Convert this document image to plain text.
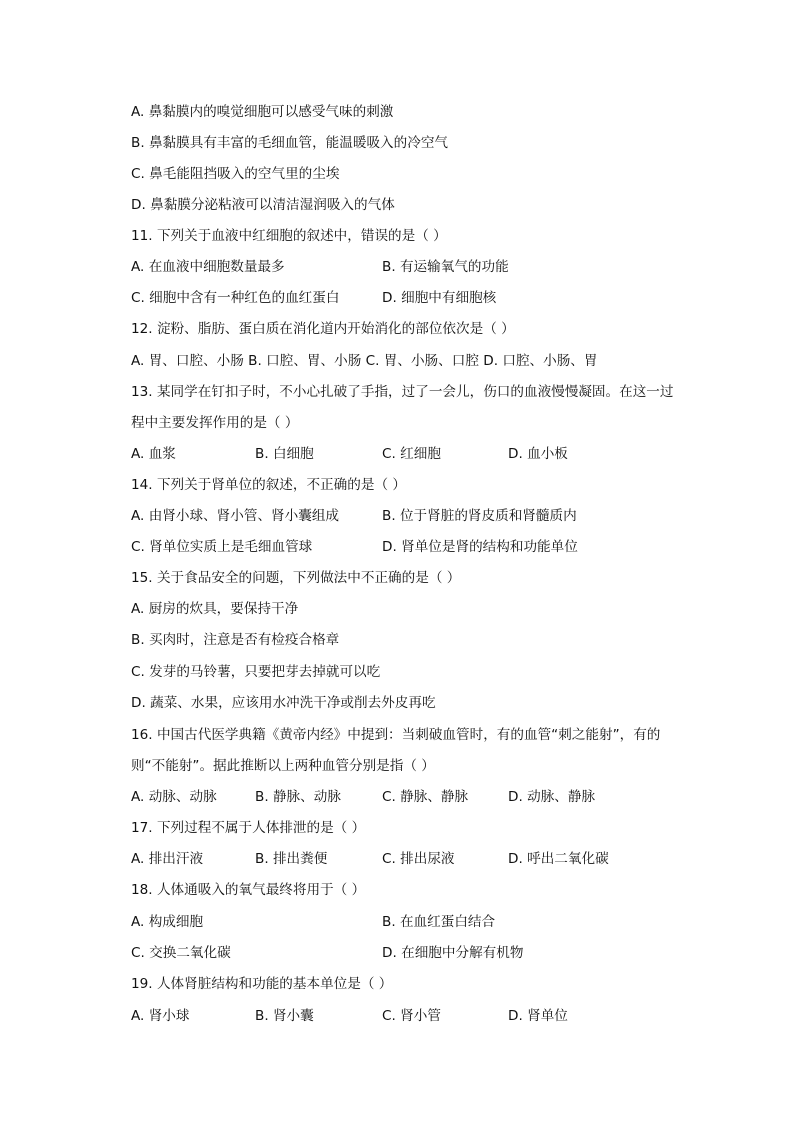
A. 鼻黏膜内的嗅觉细胞可以感受气味的刺激
B. 鼻黏膜具有丰富的毛细血管，能温暖吸入的冷空气
C. 鼻毛能阻挡吸入的空气里的尘埃
D. 鼻黏膜分泌粘液可以清洁湿润吸入的气体
11. 下列关于血液中红细胞的叙述中，错误的是（ ）
A. 在血液中细胞数量最多	B. 有运输氧气的功能
C. 细胞中含有一种红色的血红蛋白	D. 细胞中有细胞核
12. 淀粉、脂肪、蛋白质在消化道内开始消化的部位依次是（ ）
A. 胃、口腔、小肠 B. 口腔、胃、小肠 C. 胃、小肠、口腔 D. 口腔、小肠、胃
13. 某同学在钉扣子时，不小心扎破了手指，过了一会儿，伤口的血液慢慢凝固。在这一过
程中主要发挥作用的是（ ）
A. 血浆	B. 白细胞	C. 红细胞	D. 血小板
14. 下列关于肾单位的叙述，不正确的是（ ）
A. 由肾小球、肾小管、肾小囊组成	B. 位于肾脏的肾皮质和肾髓质内
C. 肾单位实质上是毛细血管球	D. 肾单位是肾的结构和功能单位
15. 关于食品安全的问题，下列做法中不正确的是（ ）
A. 厨房的炊具，要保持干净
B. 买肉时，注意是否有检疫合格章
C. 发芽的马铃薯，只要把芽去掉就可以吃
D. 蔬菜、水果，应该用水冲洗干净或削去外皮再吃
16. 中国古代医学典籍《黄帝内经》中提到：当刺破血管时，有的血管“刺之能射”，有的
则“不能射”。据此推断以上两种血管分别是指（ ）
A. 动脉、动脉	B. 静脉、动脉	C. 静脉、静脉	D. 动脉、静脉
17. 下列过程不属于人体排泄的是（ ）
A. 排出汗液	B. 排出粪便	C. 排出尿液	D. 呼出二氧化碳
18. 人体通吸入的氧气最终将用于（ ）
A. 构成细胞	B. 在血红蛋白结合
C. 交换二氧化碳	D. 在细胞中分解有机物
19. 人体肾脏结构和功能的基本单位是（ ）
A. 肾小球	B. 肾小囊	C. 肾小管	D. 肾单位
